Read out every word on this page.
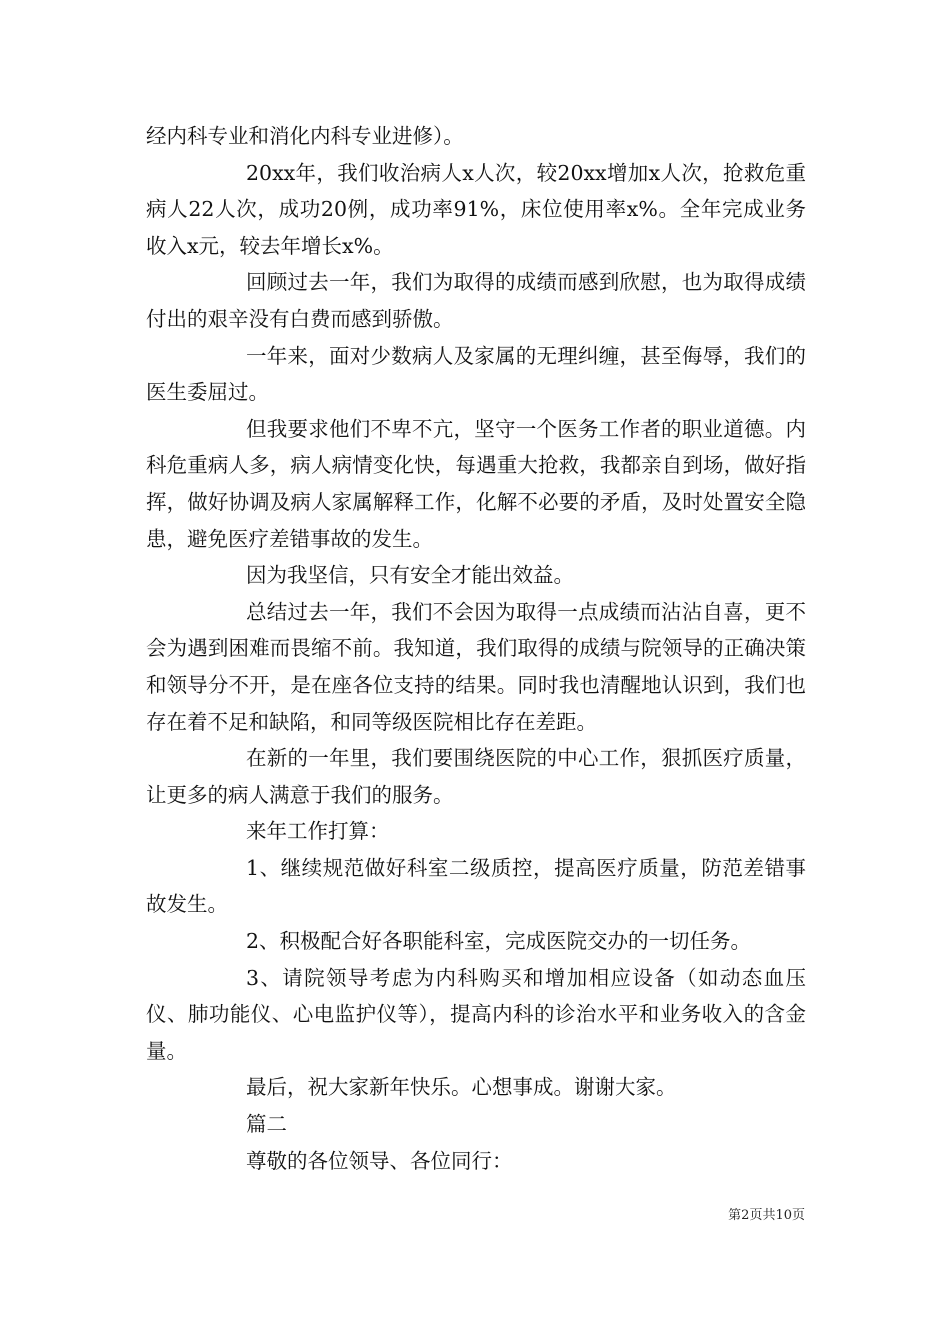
经内科专业和消化内科专业进修）。

20xx年，我们收治病人x人次，较20xx增加x人次，抢救危重病人22人次，成功20例，成功率91%，床位使用率x%。全年完成业务收入x元，较去年增长x%。

回顾过去一年，我们为取得的成绩而感到欣慰，也为取得成绩付出的艰辛没有白费而感到骄傲。

一年来，面对少数病人及家属的无理纠缠，甚至侮辱，我们的医生委屈过。

但我要求他们不卑不亢，坚守一个医务工作者的职业道德。内科危重病人多，病人病情变化快，每遇重大抢救，我都亲自到场，做好指挥，做好协调及病人家属解释工作，化解不必要的矛盾，及时处置安全隐患，避免医疗差错事故的发生。

因为我坚信，只有安全才能出效益。

总结过去一年，我们不会因为取得一点成绩而沾沾自喜，更不会为遇到困难而畏缩不前。我知道，我们取得的成绩与院领导的正确决策和领导分不开，是在座各位支持的结果。同时我也清醒地认识到，我们也存在着不足和缺陷，和同等级医院相比存在差距。

在新的一年里，我们要围绕医院的中心工作，狠抓医疗质量，让更多的病人满意于我们的服务。

来年工作打算：

1、继续规范做好科室二级质控，提高医疗质量，防范差错事故发生。

2、积极配合好各职能科室，完成医院交办的一切任务。

3、请院领导考虑为内科购买和增加相应设备（如动态血压仪、肺功能仪、心电监护仪等），提高内科的诊治水平和业务收入的含金量。

最后，祝大家新年快乐。心想事成。谢谢大家。

篇二

尊敬的各位领导、各位同行：

第2页共10页
